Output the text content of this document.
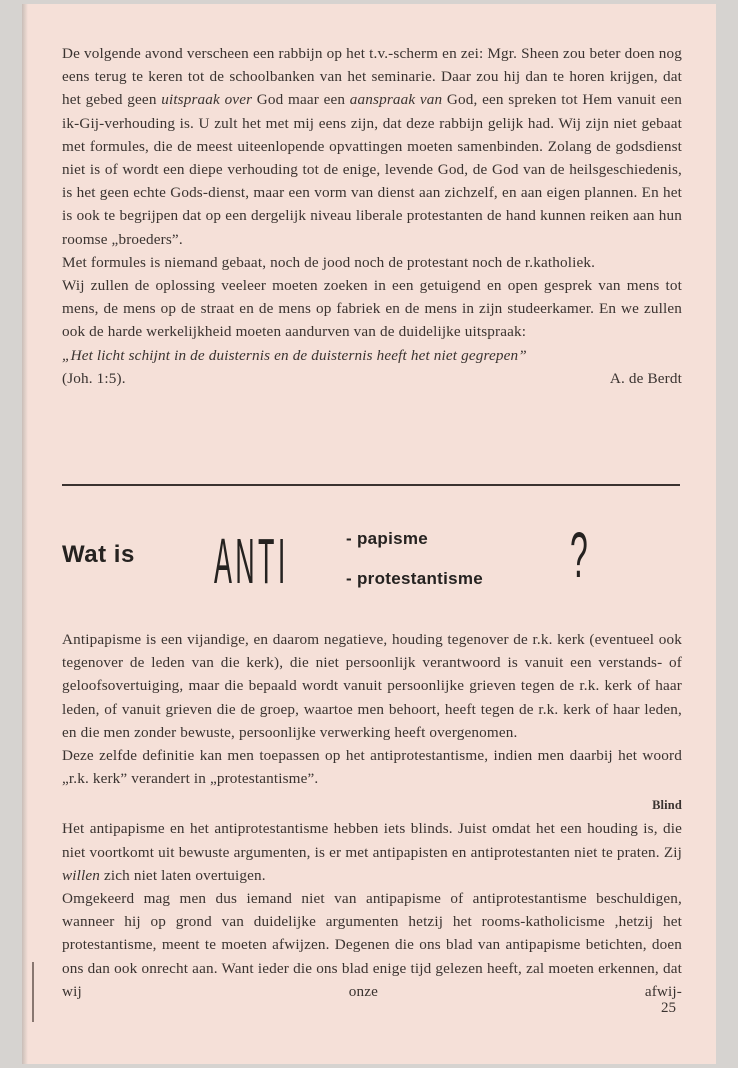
De volgende avond verscheen een rabbijn op het t.v.-scherm en zei: Mgr. Sheen zou beter doen nog eens terug te keren tot de schoolbanken van het seminarie. Daar zou hij dan te horen krijgen, dat het gebed geen uitspraak over God maar een aanspraak van God, een spreken tot Hem vanuit een ik-Gij-verhouding is. U zult het met mij eens zijn, dat deze rabbijn gelijk had. Wij zijn niet gebaat met formules, die de meest uiteenlopende opvattingen moeten samenbinden. Zolang de godsdienst niet is of wordt een diepe verhouding tot de enige, levende God, de God van de heilsgeschiedenis, is het geen echte Gods-dienst, maar een vorm van dienst aan zichzelf, en aan eigen plannen. En het is ook te begrijpen dat op een dergelijk niveau liberale protestanten de hand kunnen reiken aan hun roomse „broeders”.

Met formules is niemand gebaat, noch de jood noch de protestant noch de r.katholiek.

Wij zullen de oplossing veeleer moeten zoeken in een getuigend en open gesprek van mens tot mens, de mens op de straat en de mens op fabriek en de mens in zijn studeerkamer. En we zullen ook de harde werkelijkheid moeten aandurven van de duidelijke uitspraak:

„Het licht schijnt in de duisternis en de duisternis heeft het niet gegrepen”

(Joh. 1:5).	A. de Berdt
Wat is ANTI	- papisme
- protestantisme ?

Antipapisme is een vijandige, en daarom negatieve, houding tegenover de r.k. kerk (eventueel ook tegenover de leden van die kerk), die niet persoonlijk verantwoord is vanuit een verstands- of geloofsovertuiging, maar die bepaald wordt vanuit persoonlijke grieven tegen de r.k. kerk of haar leden, of vanuit grieven die de groep, waartoe men behoort, heeft tegen de r.k. kerk of haar leden, en die men zonder bewuste, persoonlijke verwerking heeft overgenomen.

Deze zelfde definitie kan men toepassen op het antiprotestantisme, indien men daarbij het woord „r.k. kerk” verandert in „protestantisme”.

Blind

Het antipapisme en het antiprotestantisme hebben iets blinds. Juist omdat het een houding is, die niet voortkomt uit bewuste argumenten, is er met antipapisten en antiprotestanten niet te praten. Zij willen zich niet laten overtuigen.

Omgekeerd mag men dus iemand niet van antipapisme of antiprotestantisme beschuldigen, wanneer hij op grond van duidelijke argumenten hetzij het rooms-katholicisme ,hetzij het protestantisme, meent te moeten afwijzen. Degenen die ons blad van antipapisme betichten, doen ons dan ook onrecht aan. Want ieder die ons blad enige tijd gelezen heeft, zal moeten erkennen, dat wij onze afwij-

25
